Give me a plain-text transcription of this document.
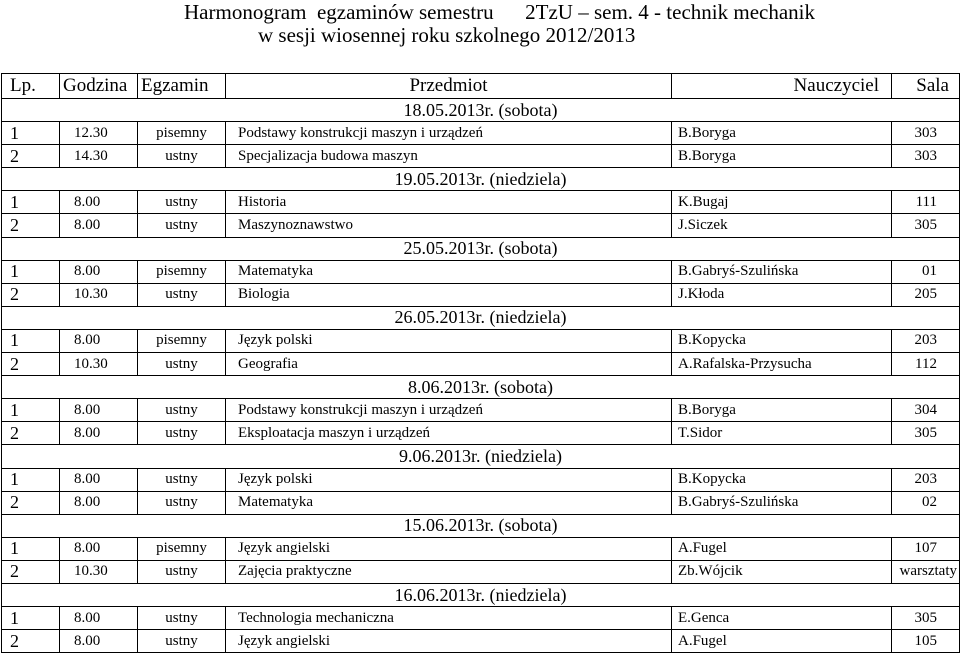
Harmonogram  egzaminów semestru      2TzU – sem. 4 - technik mechanik
w sesji wiosennej roku szkolnego 2012/2013
Lp.	Godzina	Egzamin	Przedmiot	Nauczyciel	Sala
18.05.2013r. (sobota)					
1	12.30	pisemny	Podstawy konstrukcji maszyn i urządzeń	B.Boryga	303
2	14.30	ustny	Specjalizacja budowa maszyn	B.Boryga	303
19.05.2013r. (niedziela)					
1	8.00	ustny	Historia	K.Bugaj	111
2	8.00	ustny	Maszynoznawstwo	J.Siczek	305
25.05.2013r. (sobota)					
1	8.00	pisemny	Matematyka	B.Gabryś-Szulińska	01
2	10.30	ustny	Biologia	J.Kłoda	205
26.05.2013r. (niedziela)					
1	8.00	pisemny	Język polski	B.Kopycka	203
2	10.30	ustny	Geografia	A.Rafalska-Przysucha	112
8.06.2013r. (sobota)					
1	8.00	ustny	Podstawy konstrukcji maszyn i urządzeń	B.Boryga	304
2	8.00	ustny	Eksploatacja maszyn i urządzeń	T.Sidor	305
9.06.2013r. (niedziela)					
1	8.00	ustny	Język polski	B.Kopycka	203
2	8.00	ustny	Matematyka	B.Gabryś-Szulińska	02
15.06.2013r. (sobota)					
1	8.00	pisemny	Język angielski	A.Fugel	107
2	10.30	ustny	Zajęcia praktyczne	Zb.Wójcik	warsztaty
16.06.2013r. (niedziela)					
1	8.00	ustny	Technologia mechaniczna	E.Genca	305
2	8.00	ustny	Język angielski	A.Fugel	105
